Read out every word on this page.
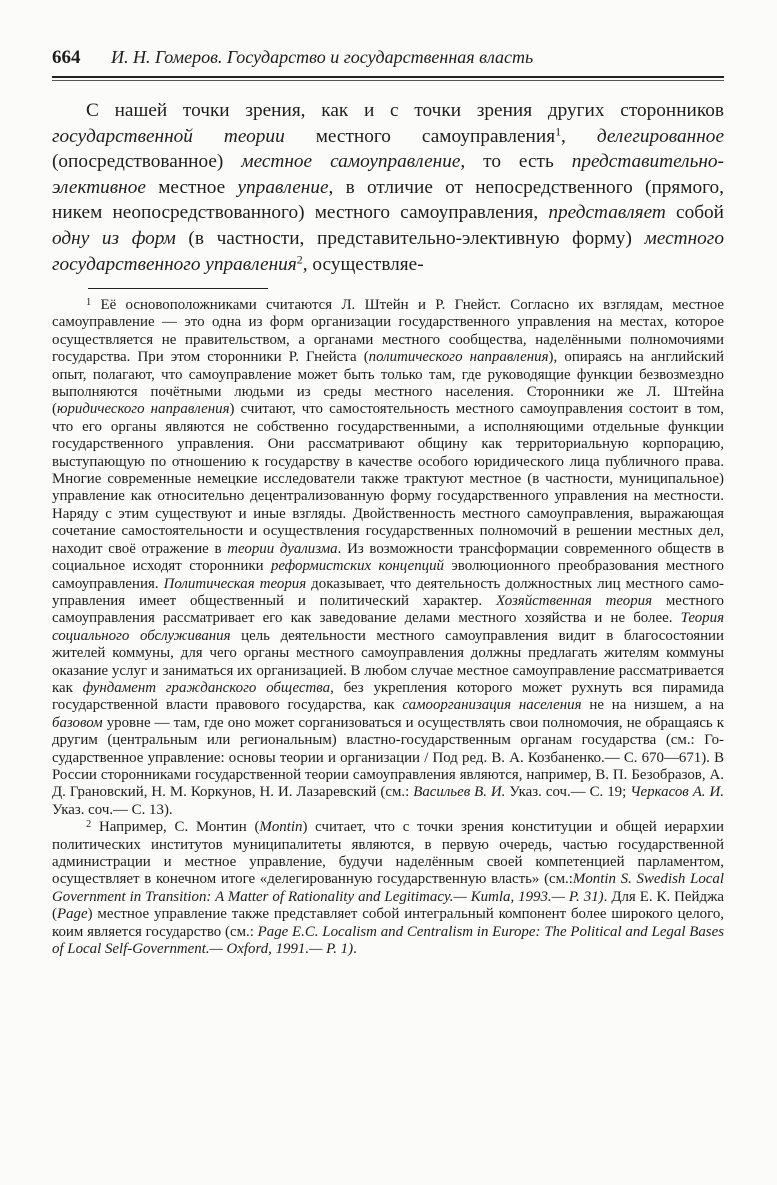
664 И. Н. Гомеров. Государство и государственная власть

С нашей точки зрения, как и с точки зрения других сторонников государственной теории местного самоуправления$^1$, делегированное (опосредствованное) местное самоуправление, то есть представительно-элективное местное управление, в отличие от непосредственного (прямого, никем неопосредствованного) местного самоуправления, представляет собой одну из форм (в частности, представительно-элективную форму) местного государственного управления$^2$, осуществляе-

$^1$ Её основоположниками считаются Л. Штейн и Р. Гнейст. Согласно их взглядам, местное самоуправление — это одна из форм организации государственного управления на местах, которое осуществляется не правительством, а органами местного сообщества, наделёнными полномочиями государства. При этом сторонники Р. Гнейста (политического направления), опираясь на английский опыт, полагают, что самоуправление может быть только там, где руководящие функции безвозмездно выполняются почётными людьми из среды местного населения. Сторонники же Л. Штейна (юридического направления) считают, что самостоятельность местного самоуправления состоит в том, что его органы являются не собственно государственными, а исполняющими отдельные функции государственного управления. Они рассматривают общину как территориальную корпорацию, выступающую по отношению к государству в качестве особого юридического лица публичного права. Многие современные немецкие исследователи также трактуют местное (в частности, муниципальное) управление как относительно децентрализованную форму государственного управления на местности. Наряду с этим существуют и иные взгляды. Двойственность местного самоуправления, выражающая сочетание самостоятельности и осуществления государственных полномочий в решении местных дел, находит своё отражение в теории дуализма. Из возможности трансформации современного обществ в социальное исходят сторонники реформистских концепций эволюционного преобразования местного самоуправления. Политическая теория доказывает, что деятельность должностных лиц местного самоуправления имеет общественный и политический характер. Хозяйственная теория местного самоуправления рассматривает его как заведование делами местного хозяйства и не более. Теория социального обслуживания цель деятельности местного самоуправления видит в благосостоянии жителей коммуны, для чего органы местного самоуправления должны предлагать жителям коммуны оказание услуг и заниматься их организацией. В любом случае местное самоуправление рассматривается как фундамент гражданского общества, без укрепления которого может рухнуть вся пирамида государственной власти правового государства, как самоорганизация населения не на низшем, а на базовом уровне — там, где оно может сорганизоваться и осуществлять свои полномочия, не обращаясь к другим (центральным или региональным) властно-государственным органам государства (см.: Государственное управление: основы теории и организации / Под ред. В. А. Козбаненко.— С. 670—671). В России сторонниками государственной теории самоуправления являются, например, В. П. Безобразов, А. Д. Грановский, Н. М. Коркунов, Н. И. Лазаревский (см.: Васильев В. И. Указ. соч.— С. 19; Черкасов А. И. Указ. соч.— С. 13).

$^2$ Например, С. Монтин (Montin) считает, что с точки зрения конституции и общей иерархии политических институтов муниципалитеты являются, в первую очередь, частью государственной администрации и местное управление, будучи наделённым своей компетенцией парламентом, осуществляет в конечном итоге «делегированную государственную власть» (см.:Montin S. Swedish Local Government in Transition: A Matter of Rationality and Legitimacy.— Kumla, 1993.— P. 31). Для Е. К. Пейджа (Page) местное управление также представляет собой интегральный компонент более широкого целого, коим является государство (см.: Page E.C. Localism and Centralism in Europe: The Political and Legal Bases of Local Self-Government.— Oxford, 1991.— P. 1).
